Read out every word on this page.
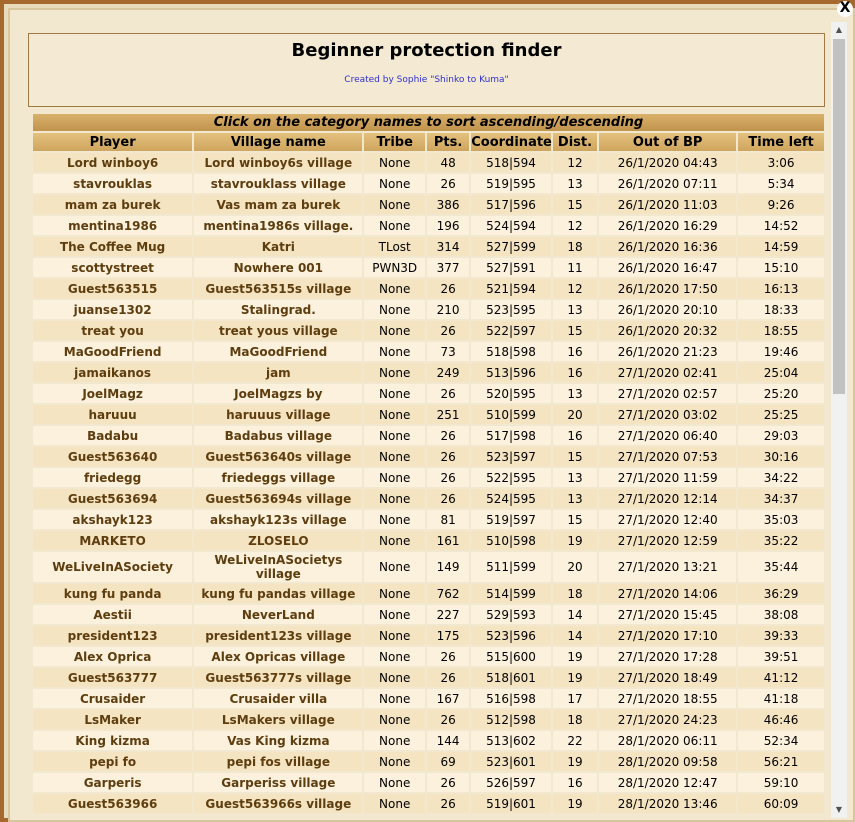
Beginner protection finder
Created by Sophie "Shinko to Kuma"
Click on the category names to sort ascending/descending							
Player	Village name	Tribe	Pts.	Coordinate	Dist.	Out of BP	Time left
Lord winboy6	Lord winboy6s village	None	48	518|594	12	26/1/2020 04:43	3:06
stavrouklas	stavrouklass village	None	26	519|595	13	26/1/2020 07:11	5:34
mam za burek	Vas mam za burek	None	386	517|596	15	26/1/2020 11:03	9:26
mentina1986	mentina1986s village.	None	196	524|594	12	26/1/2020 16:29	14:52
The Coffee Mug	Katri	TLost	314	527|599	18	26/1/2020 16:36	14:59
scottystreet	Nowhere 001	PWN3D	377	527|591	11	26/1/2020 16:47	15:10
Guest563515	Guest563515s village	None	26	521|594	12	26/1/2020 17:50	16:13
juanse1302	Stalingrad.	None	210	523|595	13	26/1/2020 20:10	18:33
treat you	treat yous village	None	26	522|597	15	26/1/2020 20:32	18:55
MaGoodFriend	MaGoodFriend	None	73	518|598	16	26/1/2020 21:23	19:46
jamaikanos	jam	None	249	513|596	16	27/1/2020 02:41	25:04
JoelMagz	JoelMagzs by	None	26	520|595	13	27/1/2020 02:57	25:20
haruuu	haruuus village	None	251	510|599	20	27/1/2020 03:02	25:25
Badabu	Badabus village	None	26	517|598	16	27/1/2020 06:40	29:03
Guest563640	Guest563640s village	None	26	523|597	15	27/1/2020 07:53	30:16
friedegg	friedeggs village	None	26	522|595	13	27/1/2020 11:59	34:22
Guest563694	Guest563694s village	None	26	524|595	13	27/1/2020 12:14	34:37
akshayk123	akshayk123s village	None	81	519|597	15	27/1/2020 12:40	35:03
MARKETO	ZLOSELO	None	161	510|598	19	27/1/2020 12:59	35:22
WeLiveInASociety	WeLiveInASocietys village	None	149	511|599	20	27/1/2020 13:21	35:44
kung fu panda	kung fu pandas village	None	762	514|599	18	27/1/2020 14:06	36:29
Aestii	NeverLand	None	227	529|593	14	27/1/2020 15:45	38:08
president123	president123s village	None	175	523|596	14	27/1/2020 17:10	39:33
Alex Oprica	Alex Opricas village	None	26	515|600	19	27/1/2020 17:28	39:51
Guest563777	Guest563777s village	None	26	518|601	19	27/1/2020 18:49	41:12
Crusaider	Crusaider villa	None	167	516|598	17	27/1/2020 18:55	41:18
LsMaker	LsMakers village	None	26	512|598	18	27/1/2020 24:23	46:46
King kizma	Vas King kizma	None	144	513|602	22	28/1/2020 06:11	52:34
pepi fo	pepi fos village	None	69	523|601	19	28/1/2020 09:58	56:21
Garperis	Garperiss village	None	26	526|597	16	28/1/2020 12:47	59:10
Guest563966	Guest563966s village	None	26	519|601	19	28/1/2020 13:46	60:09
▲
▼
X
